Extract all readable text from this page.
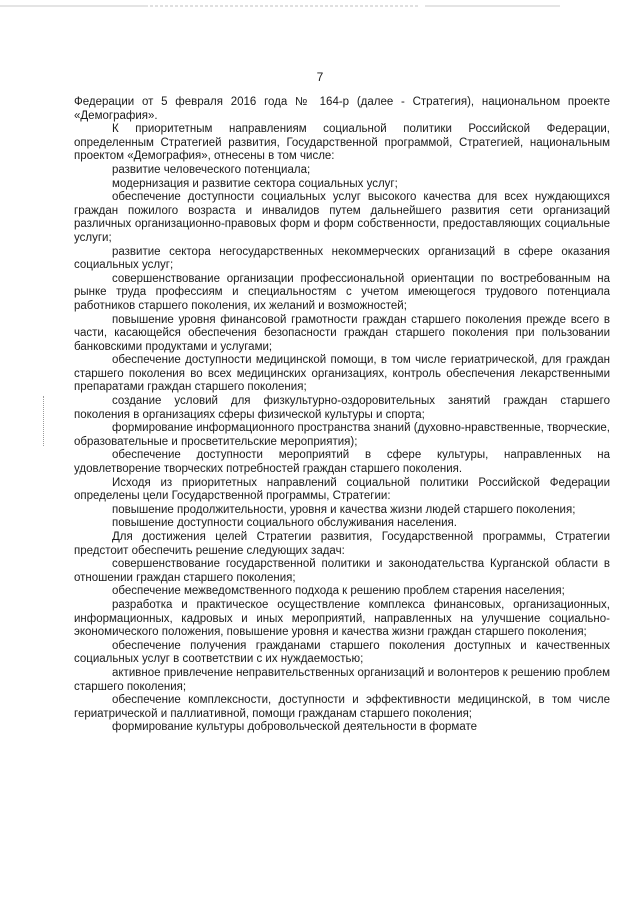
7

Федерации от 5 февраля 2016 года № 164-р (далее - Стратегия), национальном проекте «Демография».

К приоритетным направлениям социальной политики Российской Федерации, определенным Стратегией развития, Государственной программой, Стратегией, национальным проектом «Демография», отнесены в том числе:

развитие человеческого потенциала;

модернизация и развитие сектора социальных услуг;

обеспечение доступности социальных услуг высокого качества для всех нуждающихся граждан пожилого возраста и инвалидов путем дальнейшего развития сети организаций различных организационно-правовых форм и форм собственности, предоставляющих социальные услуги;

развитие сектора негосударственных некоммерческих организаций в сфере оказания социальных услуг;

совершенствование организации профессиональной ориентации по востребованным на рынке труда профессиям и специальностям с учетом имеющегося трудового потенциала работников старшего поколения, их желаний и возможностей;

повышение уровня финансовой грамотности граждан старшего поколения прежде всего в части, касающейся обеспечения безопасности граждан старшего поколения при пользовании банковскими продуктами и услугами;

обеспечение доступности медицинской помощи, в том числе гериатрической, для граждан старшего поколения во всех медицинских организациях, контроль обеспечения лекарственными препаратами граждан старшего поколения;

создание условий для физкультурно-оздоровительных занятий граждан старшего поколения в организациях сферы физической культуры и спорта;

формирование информационного пространства знаний (духовно-нравственные, творческие, образовательные и просветительские мероприятия);

обеспечение доступности мероприятий в сфере культуры, направленных на удовлетворение творческих потребностей граждан старшего поколения.

Исходя из приоритетных направлений социальной политики Российской Федерации определены цели Государственной программы, Стратегии:

повышение продолжительности, уровня и качества жизни людей старшего поколения;

повышение доступности социального обслуживания населения.

Для достижения целей Стратегии развития, Государственной программы, Стратегии предстоит обеспечить решение следующих задач:

совершенствование государственной политики и законодательства Курганской области в отношении граждан старшего поколения;

обеспечение межведомственного подхода к решению проблем старения населения;

разработка и практическое осуществление комплекса финансовых, организационных, информационных, кадровых и иных мероприятий, направленных на улучшение социально-экономического положения, повышение уровня и качества жизни граждан старшего поколения;

обеспечение получения гражданами старшего поколения доступных и качественных социальных услуг в соответствии с их нуждаемостью;

активное привлечение неправительственных организаций и волонтеров к решению проблем старшего поколения;

обеспечение комплексности, доступности и эффективности медицинской, в том числе гериатрической и паллиативной, помощи гражданам старшего поколения;

формирование культуры добровольческой деятельности в формате
